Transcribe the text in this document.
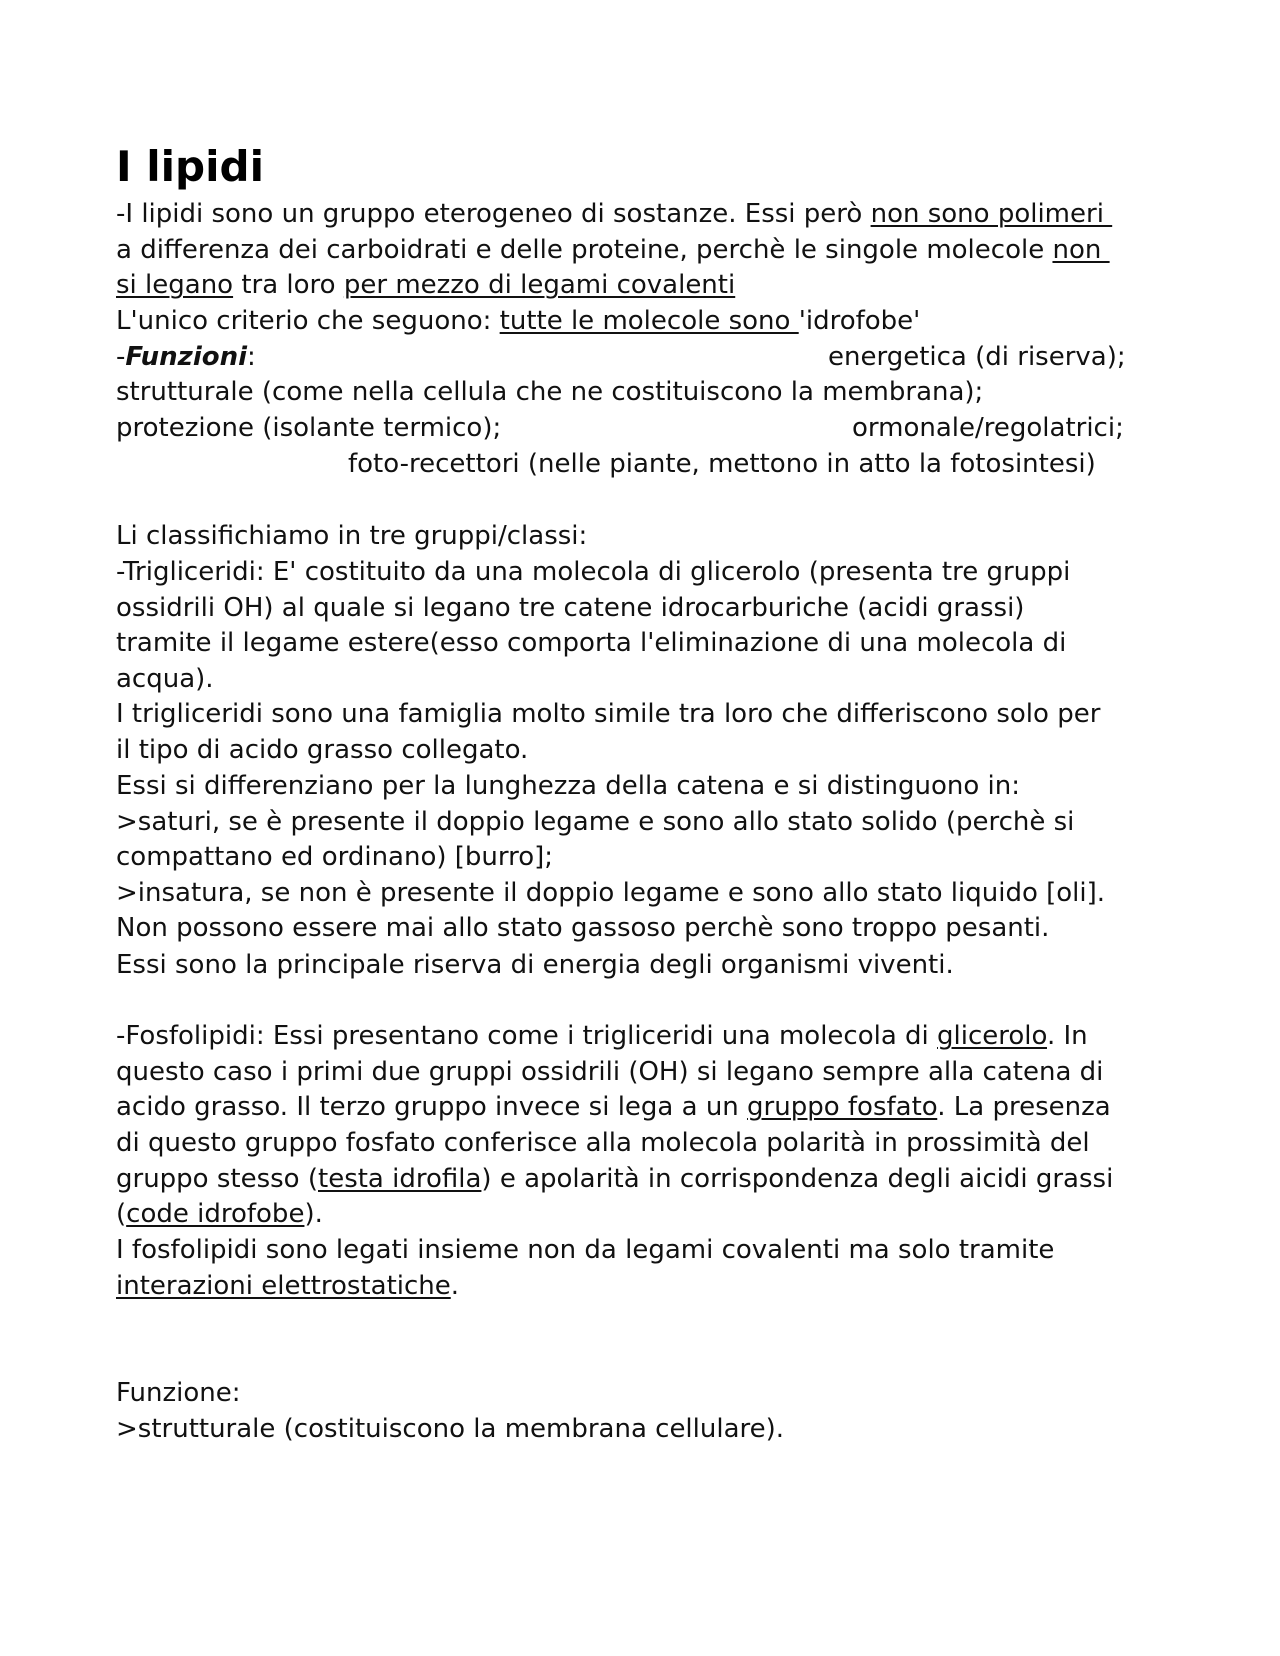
I lipidi
-I lipidi sono un gruppo eterogeneo di sostanze. Essi però non sono polimeri
a differenza dei carboidrati e delle proteine, perchè le singole molecole non
si legano tra loro per mezzo di legami covalenti
L'unico criterio che seguono: tutte le molecole sono 'idrofobe'
-Funzioni:	energetica (di riserva);
strutturale (come nella cellula che ne costituiscono la membrana);
protezione (isolante termico);	ormonale/regolatrici;
foto-recettori (nelle piante, mettono in atto la fotosintesi)
Li classifichiamo in tre gruppi/classi:
-Trigliceridi: E' costituito da una molecola di glicerolo (presenta tre gruppi
ossidrili OH) al quale si legano tre catene idrocarburiche (acidi grassi)
tramite il legame estere(esso comporta l'eliminazione di una molecola di
acqua).
I trigliceridi sono una famiglia molto simile tra loro che differiscono solo per
il tipo di acido grasso collegato.
Essi si differenziano per la lunghezza della catena e si distinguono in:
>saturi, se è presente il doppio legame e sono allo stato solido (perchè si
compattano ed ordinano) [burro];
>insatura, se non è presente il doppio legame e sono allo stato liquido [oli].
Non possono essere mai allo stato gassoso perchè sono troppo pesanti.
Essi sono la principale riserva di energia degli organismi viventi.
-Fosfolipidi: Essi presentano come i trigliceridi una molecola di glicerolo. In
questo caso i primi due gruppi ossidrili (OH) si legano sempre alla catena di
acido grasso. Il terzo gruppo invece si lega a un gruppo fosfato. La presenza
di questo gruppo fosfato conferisce alla molecola polarità in prossimità del
gruppo stesso (testa idrofila) e apolarità in corrispondenza degli aicidi grassi
(code idrofobe).
I fosfolipidi sono legati insieme non da legami covalenti ma solo tramite
interazioni elettrostatiche.
Funzione:
>strutturale (costituiscono la membrana cellulare).
